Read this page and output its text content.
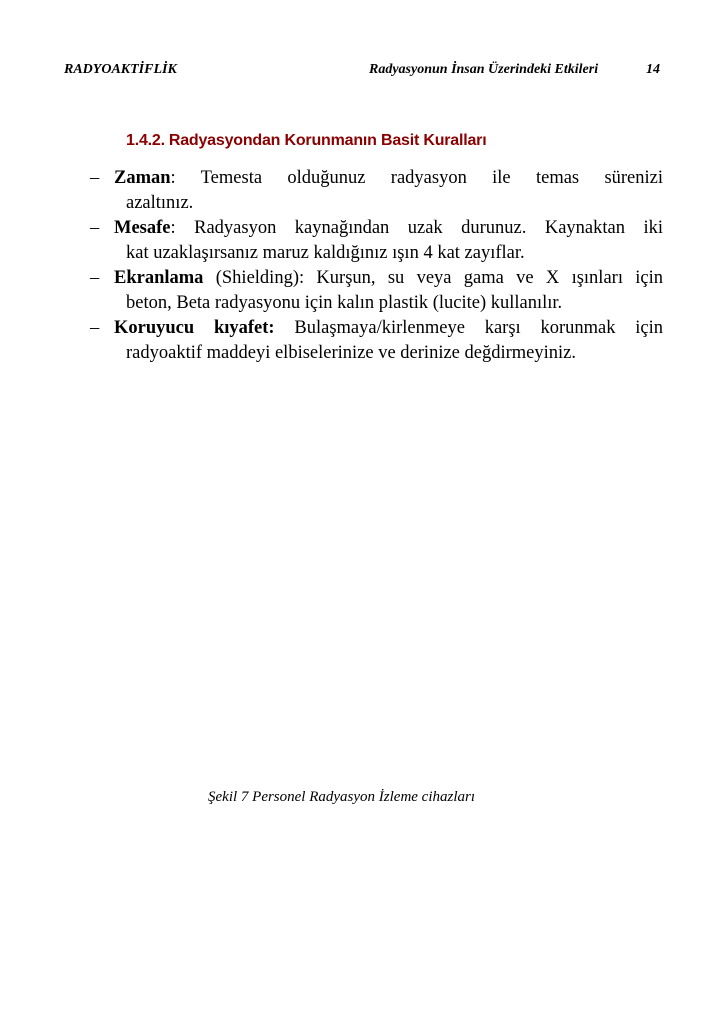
RADYOAKTİFLİK	Radyasyonun İnsan Üzerindeki Etkileri	14
1.4.2. Radyasyondan Korunmanın Basit Kuralları
– Zaman: Temesta olduğunuz radyasyon ile temas sürenizi
azaltınız.
– Mesafe: Radyasyon kaynağından uzak durunuz. Kaynaktan iki
kat uzaklaşırsanız maruz kaldığınız ışın 4 kat zayıflar.
– Ekranlama (Shielding): Kurşun, su veya gama ve X ışınları için
beton, Beta radyasyonu için kalın plastik (lucite) kullanılır.
– Koruyucu kıyafet: Bulaşmaya/kirlenmeye karşı korunmak için
radyoaktif maddeyi elbiselerinize ve derinize değdirmeyiniz.
Şekil 7 Personel Radyasyon İzleme cihazları
